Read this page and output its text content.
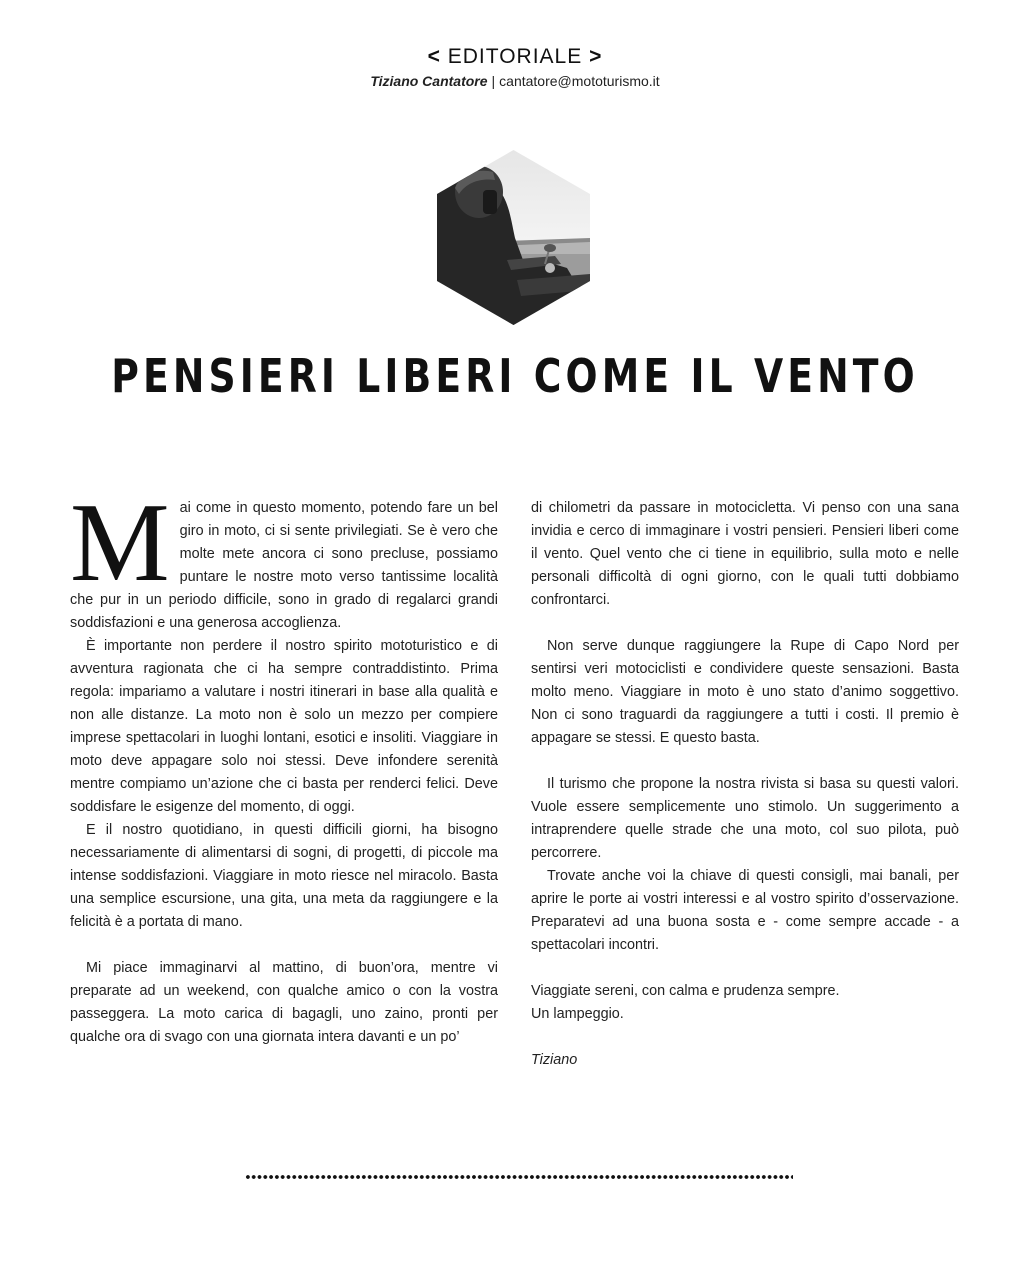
< EDITORIALE >
Tiziano Cantatore | cantatore@mototurismo.it
PENSIERI LIBERI COME IL VENTO

Mai come in questo momento, potendo fare un bel giro in moto, ci si sente privilegiati. Se è vero che molte mete ancora ci sono precluse, possiamo puntare le nostre moto verso tantissime località che pur in un periodo difficile, sono in grado di regalarci grandi soddisfazioni e una generosa accoglienza.

È importante non perdere il nostro spirito mototuristico e di avventura ragionata che ci ha sempre contraddistinto. Prima regola: impariamo a valutare i nostri itinerari in base alla qualità e non alle distanze. La moto non è solo un mezzo per compiere imprese spettacolari in luoghi lontani, esotici e insoliti. Viaggiare in moto deve appagare solo noi stessi. Deve infondere serenità mentre compiamo un’azione che ci basta per renderci felici. Deve soddisfare le esigenze del momento, di oggi.

E il nostro quotidiano, in questi difficili giorni, ha bisogno necessariamente di alimentarsi di sogni, di progetti, di piccole ma intense soddisfazioni. Viaggiare in moto riesce nel miracolo. Basta una semplice escursione, una gita, una meta da raggiungere e la felicità è a portata di mano.

Mi piace immaginarvi al mattino, di buon’ora, mentre vi preparate ad un weekend, con qualche amico o con la vostra passeggera. La moto carica di bagagli, uno zaino, pronti per qualche ora di svago con una giornata intera davanti e un po’

di chilometri da passare in motocicletta. Vi penso con una sana invidia e cerco di immaginare i vostri pensieri. Pensieri liberi come il vento. Quel vento che ci tiene in equilibrio, sulla moto e nelle personali difficoltà di ogni giorno, con le quali tutti dobbiamo confrontarci.

Non serve dunque raggiungere la Rupe di Capo Nord per sentirsi veri motociclisti e condividere queste sensazioni. Basta molto meno. Viaggiare in moto è uno stato d’animo soggettivo. Non ci sono traguardi da raggiungere a tutti i costi. Il premio è appagare se stessi. E questo basta.

Il turismo che propone la nostra rivista si basa su questi valori. Vuole essere semplicemente uno stimolo. Un suggerimento a intraprendere quelle strade che una moto, col suo pilota, può percorrere.

Trovate anche voi la chiave di questi consigli, mai banali, per aprire le porte ai vostri interessi e al vostro spirito d’osservazione. Preparatevi ad una buona sosta e - come sempre accade - a spettacolari incontri.

Viaggiate sereni, con calma e prudenza sempre.

Un lampeggio.

Tiziano
